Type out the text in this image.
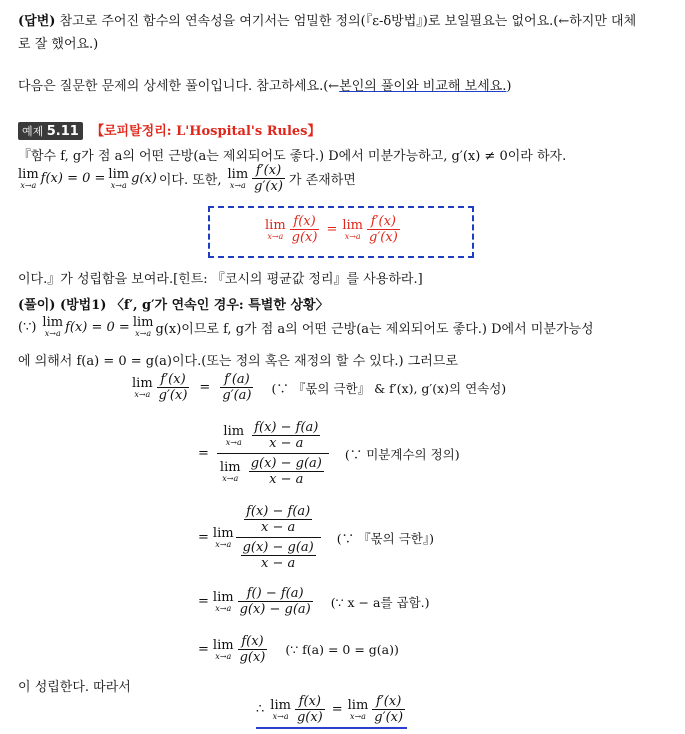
(답변) 참고로 주어진 함수의 연속성을 여기서는 엄밀한 정의(『ε-δ방법』)로 보일필요는 없어요.(←하지만 대체
로 잘 했어요.)
다음은 질문한 문제의 상세한 풀이입니다. 참고하세요.(←본인의 풀이와 비교해 보세요.)
예제 5.11 【로피탈정리: L'Hospital's Rules】
『함수 f, g가 점 a의 어떤 근방(a는 제외되어도 좋다.) D에서 미분가능하고, g′(x) ≠ 0이라 하자.
lim
x→a f(x) = 0 = lim
x→a g(x) 이다. 또한, lim
$x\to a \frac{f'(x)}{g'(x)}$ 가 존재하면
lim
$x\to a \frac{f(x)}{g(x)} = \lim$
$x\to a \frac{f'(x)}{g'(x)}$
이다.』가 성립함을 보여라.[힌트: 『코시의 평균값 정리』를 사용하라.]
(풀이) (방법1) 〈f′, g′가 연속인 경우: 특별한 상황〉
(∵) lim
x→a f(x) = 0 = lim
x→a g(x)이므로 f, g가 점 a의 어떤 근방(a는 제외되어도 좋다.) D에서 미분가능성
에 의해서 f(a) = 0 = g(a)이다.(또는 정의 혹은 재정의 할 수 있다.) 그러므로
lim
$x\to a \frac{f'(x)}{g'(x)} = \frac{f'(a)}{g'(a)}$ (∵ 『몫의 극한』 & f′(x), g′(x)의 연속성)
= lim
x→a
$\frac{f(x) - f(a)}{x - a}$
lim
x→a
$\frac{g(x) - g(a)}{x - a}$ (∵ 미분계수의 정의)
= lim
$x\to a \frac{\frac{f(x) - f(a)}{x - a}}{\frac{g(x) - g(a)}{x - a}}$ (∵ 『몫의 극한』)
= lim
$x\to a \frac{f() - f(a)}{g(x) - g(a)}$ (∵ x − a를 곱함.)
= lim
$x\to a \frac{f(x)}{g(x)}$ (∵ f(a) = 0 = g(a))
이 성립한다. 따라서
∴ lim
$x\to a \frac{f(x)}{g(x)} = \lim$
$x\to a \frac{f'(x)}{g'(x)}$
